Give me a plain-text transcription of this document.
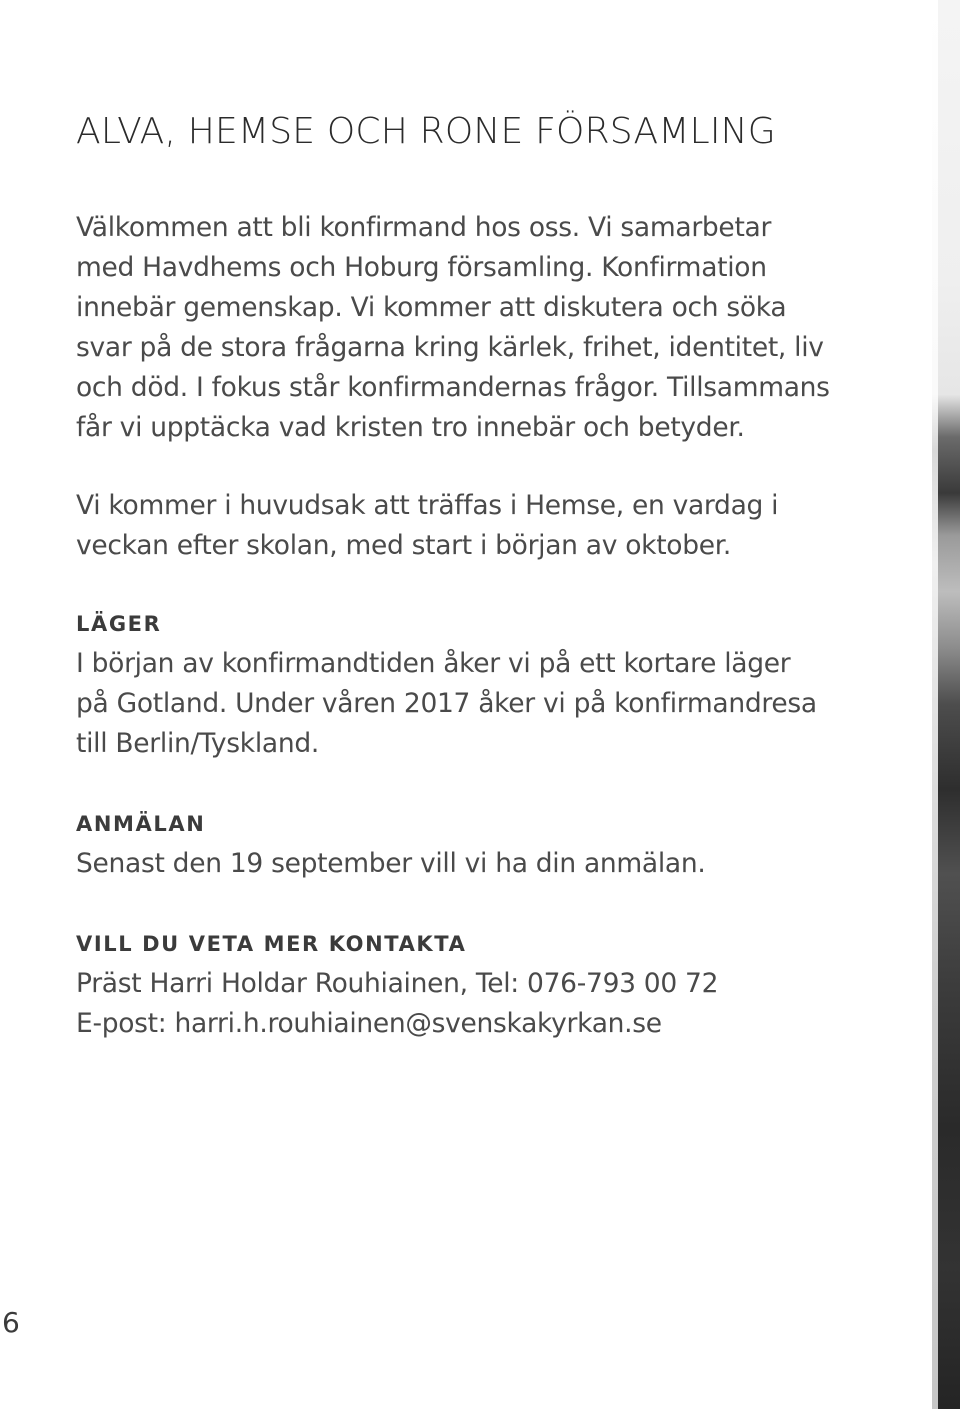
ALVA, HEMSE OCH RONE FÖRSAMLING

Välkommen att bli konfirmand hos oss. Vi samarbetar
med Havdhems och Hoburg församling. Konfirmation
innebär gemenskap. Vi kommer att diskutera och söka
svar på de stora frågarna kring kärlek, frihet, identitet, liv
och död. I fokus står konfirmandernas frågor. Tillsammans
får vi upptäcka vad kristen tro innebär och betyder.

Vi kommer i huvudsak att träffas i Hemse, en vardag i
veckan efter skolan, med start i början av oktober.

LÄGER

I början av konfirmandtiden åker vi på ett kortare läger
på Gotland. Under våren 2017 åker vi på konfirmandresa
till Berlin/Tyskland.

ANMÄLAN

Senast den 19 september vill vi ha din anmälan.

VILL DU VETA MER KONTAKTA

Präst Harri Holdar Rouhiainen, Tel: 076-793 00 72

E-post: harri.h.rouhiainen@svenskakyrkan.se

6
